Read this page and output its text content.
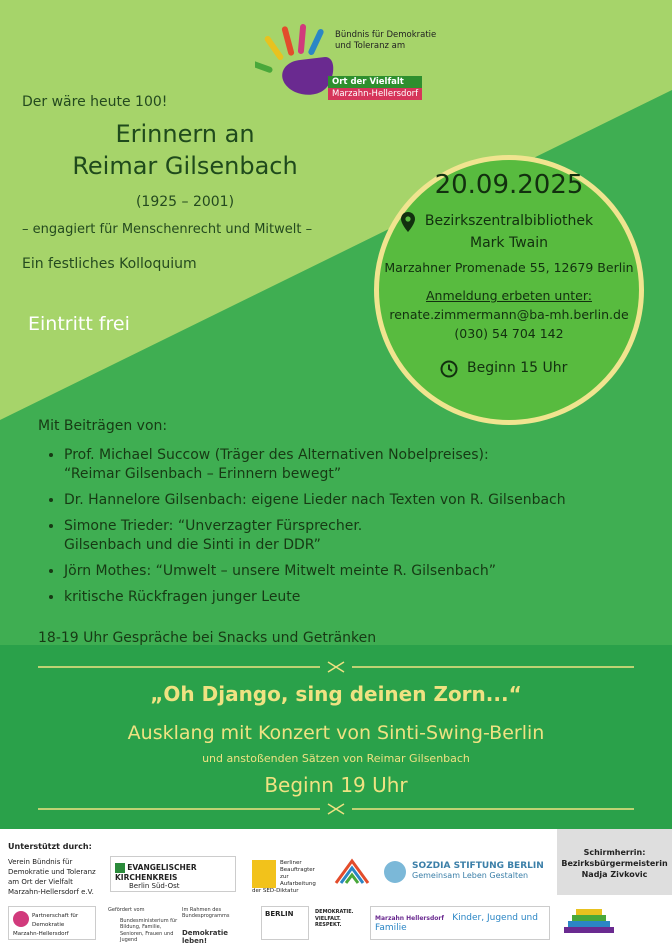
Bündnis für Demokratie
und Toleranz am
Ort der Vielfalt
Marzahn-Hellersdorf
Der wäre heute 100!
Erinnern an
Reimar Gilsenbach
(1925 – 2001)
– engagiert für Menschenrecht und Mitwelt –
Ein festliches Kolloquium
Eintritt frei
20.09.2025
Bezirkszentralbibliothek
Mark Twain
Marzahner Promenade 55, 12679 Berlin
Anmeldung erbeten unter:
renate.zimmermann@ba-mh.berlin.de
(030) 54 704 142
Beginn 15 Uhr
Mit Beiträgen von:
• Prof. Michael Succow (Träger des Alternativen Nobelpreises):
“Reimar Gilsenbach – Erinnern bewegt”
• Dr. Hannelore Gilsenbach: eigene Lieder nach Texten von R. Gilsenbach
• Simone Trieder: “Unverzagter Fürsprecher.
Gilsenbach und die Sinti in der DDR”
• Jörn Mothes: “Umwelt – unsere Mitwelt meinte R. Gilsenbach”
• kritische Rückfragen junger Leute
18-19 Uhr Gespräche bei Snacks und Getränken
„Oh Django, sing deinen Zorn...“
Ausklang mit Konzert von Sinti-Swing-Berlin
und anstoßenden Sätzen von Reimar Gilsenbach
Beginn 19 Uhr
Unterstützt durch:
Verein Bündnis für Demokratie und Toleranz am Ort der Vielfalt Marzahn-Hellersdorf e.V.
EVANGELISCHER KIRCHENKREIS
Berlin Süd-Ost
Berliner Beauftragter zur Aufarbeitung der SED-Diktatur
SOZDIA STIFTUNG BERLIN
Gemeinsam Leben Gestalten
Schirmherrin:
Bezirksbürgermeisterin
Nadja Zivkovic
Partnerschaft für Demokratie Marzahn-Hellersdorf
Gefördert vom
Bundesministerium für Bildung, Familie, Senioren, Frauen und Jugend
Im Rahmen des Bundesprogramms
Demokratie leben!
BERLIN	DEMOKRATIE. VIELFALT. RESPEKT.
Marzahn Hellersdorf Kinder, Jugend und Familie
